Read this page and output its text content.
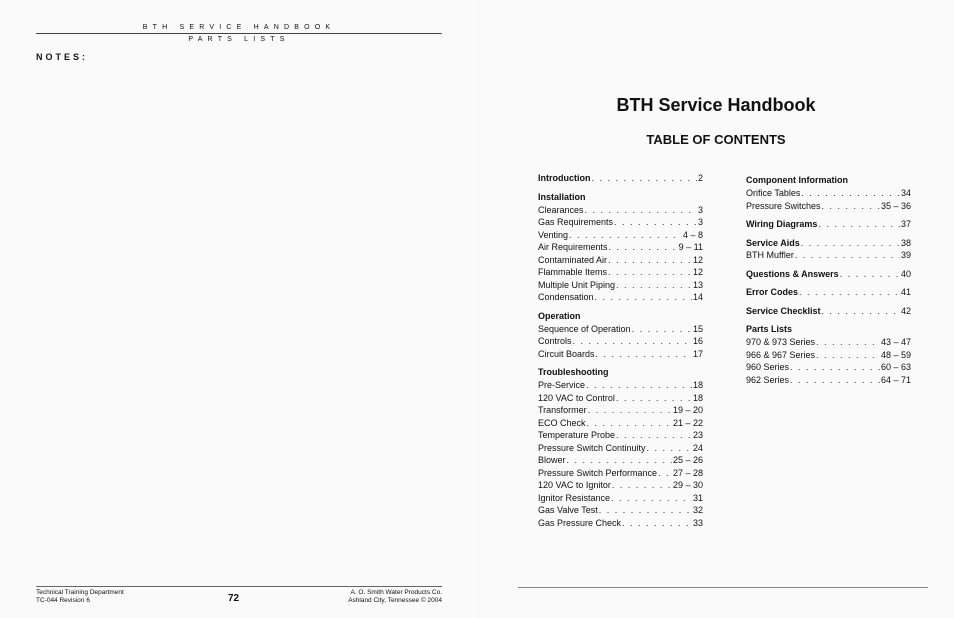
BTH SERVICE HANDBOOK
PARTS LISTS
NOTES:
Technical Training Department
TC-044 Revision 6	72
A. O. Smith Water Products Co.
Ashland City, Tennessee © 2004
BTH Service Handbook
TABLE OF CONTENTS
Introduction . . .	2
Installation
Clearances . . .	3
Gas Requirements . . .	3
Venting . . .	4 – 8
Air Requirements . . .	9 – 11
Contaminated Air . . .	12
Flammable Items . . .	12
Multiple Unit Piping . . .	13
Condensation . . .	14
Operation
Sequence of Operation . . .	15
Controls . . .	16
Circuit Boards . . .	17
Troubleshooting
Pre-Service . . .	18
120 VAC to Control . . .	18
Transformer . . .	19 – 20
ECO Check . . .	21 – 22
Temperature Probe . . .	23
Pressure Switch Continuity . . .	24
Blower . . .	25 – 26
Pressure Switch Performance . . . 27 – 28
120 VAC to Ignitor . . .	29 – 30
Ignitor Resistance . . .	31
Gas Valve Test . . .	32
Gas Pressure Check . . .	33
Component Information
Orifice Tables . . .	34
Pressure Switches . . .	35 – 36
Wiring Diagrams . . .	37
Service Aids . . .	38
BTH Muffler . . .	39
Questions & Answers . . .	40
Error Codes . . .	41
Service Checklist . . .	42
Parts Lists
970 & 973 Series . . .	43 – 47
966 & 967 Series . . .	48 – 59
960 Series . . .	60 – 63
962 Series . . .	64 – 71
